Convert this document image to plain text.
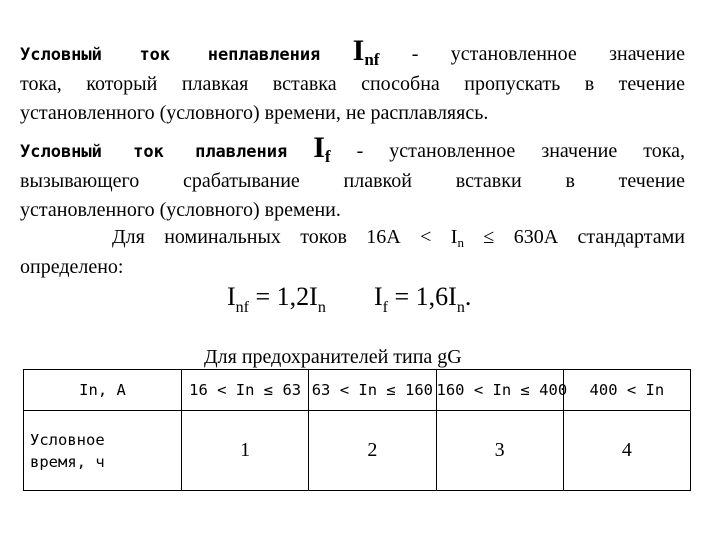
Условный ток неплавления Inf - установленное значение
тока, который плавкая вставка способна пропускать в течение
установленного (условного) времени, не расплавляясь.
Условный ток плавления If - установленное значение тока,
вызывающего срабатывание плавкой вставки в течение
установленного (условного) времени.
Для номинальных токов $16А < I_n \le 630А$ стандартами
определено:
$I_{nf} = 1,2I_n$ $I_f = 1,6I_n$.
Для предохранителей типа gG
In, A	16 < In ≤ 63	63 < In ≤ 160	160 < In ≤ 400	400 < In
Условное
время, ч	1	2	3	4
